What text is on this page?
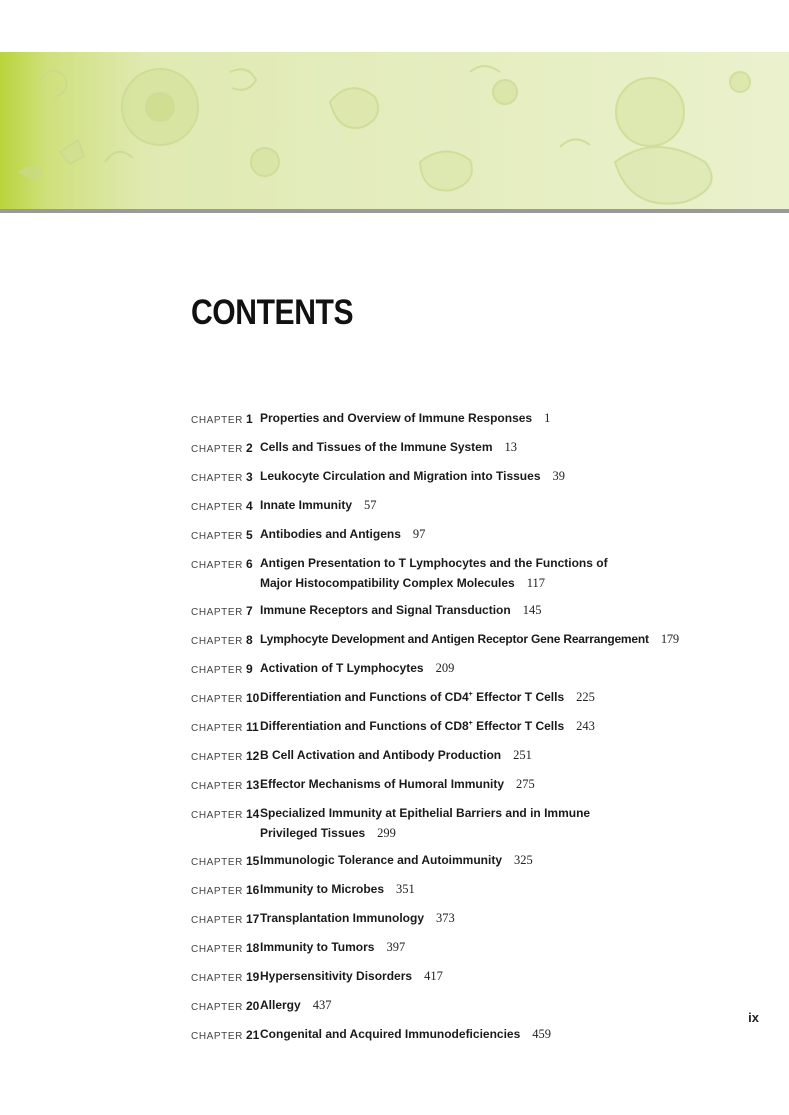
CONTENTS
CHAPTER 1 Properties and Overview of Immune Responses 1
CHAPTER 2 Cells and Tissues of the Immune System 13
CHAPTER 3 Leukocyte Circulation and Migration into Tissues 39
CHAPTER 4 Innate Immunity 57
CHAPTER 5 Antibodies and Antigens 97
CHAPTER 6 Antigen Presentation to T Lymphocytes and the Functions of Major Histocompatibility Complex Molecules 117
CHAPTER 7 Immune Receptors and Signal Transduction 145
CHAPTER 8 Lymphocyte Development and Antigen Receptor Gene Rearrangement 179
CHAPTER 9 Activation of T Lymphocytes 209
CHAPTER 10 Differentiation and Functions of CD4+ Effector T Cells 225
CHAPTER 11 Differentiation and Functions of CD8+ Effector T Cells 243
CHAPTER 12 B Cell Activation and Antibody Production 251
CHAPTER 13 Effector Mechanisms of Humoral Immunity 275
CHAPTER 14 Specialized Immunity at Epithelial Barriers and in Immune Privileged Tissues 299
CHAPTER 15 Immunologic Tolerance and Autoimmunity 325
CHAPTER 16 Immunity to Microbes 351
CHAPTER 17 Transplantation Immunology 373
CHAPTER 18 Immunity to Tumors 397
CHAPTER 19 Hypersensitivity Disorders 417
CHAPTER 20 Allergy 437
CHAPTER 21 Congenital and Acquired Immunodeficiencies 459
ix
